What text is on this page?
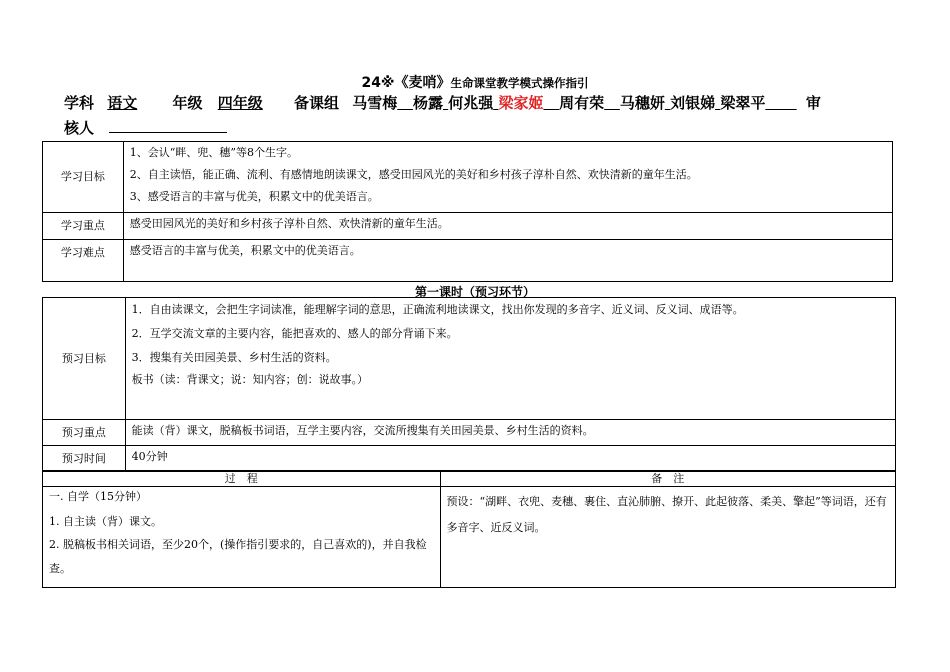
24※《麦哨》生命课堂教学模式操作指引
学科 语文 年级 四年级 备课组 马雪梅 杨露 何兆强 梁家姬 周有荣 马穗妍 刘银娣 梁翠平	审
核人
学习目标	1、会认“畔、兜、穗”等8个生字。
2、自主读悟，能正确、流利、有感情地朗读课文，感受田园风光的美好和乡村孩子淳朴自然、欢快清新的童年生活。
3、感受语言的丰富与优美，积累文中的优美语言。

学习重点	感受田园风光的美好和乡村孩子淳朴自然、欢快清新的童年生活。

学习难点	感受语言的丰富与优美，积累文中的优美语言。
第一课时（预习环节）
预习目标	1．自由读课文，会把生字词读准，能理解字词的意思，正确流利地读课文，找出你发现的多音字、近义词、反义词、成语等。
2．互学交流文章的主要内容，能把喜欢的、感人的部分背诵下来。
3．搜集有关田园美景、乡村生活的资料。
板书（读：背课文；说：知内容；创：说故事。）

预习重点	能读（背）课文，脱稿板书词语，互学主要内容，交流所搜集有关田园美景、乡村生活的资料。

预习时间	40分钟
过　程	备　注

一. 自学（15分钟）
1. 自主读（背）课文。
2. 脱稿板书相关词语，至少20个，(操作指引要求的，自己喜欢的)，并自我检查。	预设：“湖畔、衣兜、麦穗、裹住、直沁肺腑、撩开、此起彼落、柔美、擎起”等词语，还有多音字、近反义词。
